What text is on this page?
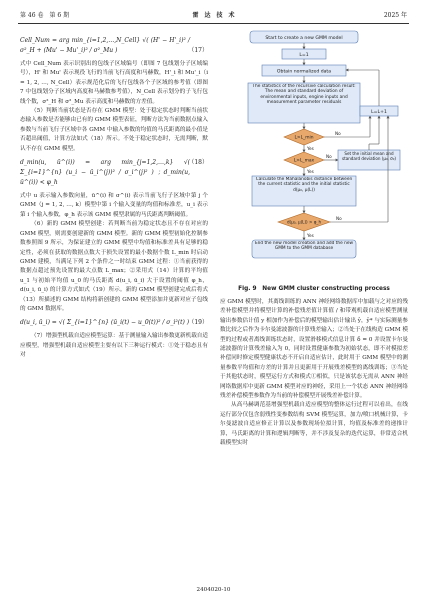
第 46 卷　第 6 期	雷　达　技　术	2025 年
Cell_Num = arg min_{i=1,2,…,N_Cell} √( (H' − H'_i)² / σ²_H + (Mu' − Mu'_i)² / σ²_Mu )	（17）

式中 Cell_Num 表示识别出的包线子区域编号（即图 7 包线划分子区域编号），H' 和 Mu' 表示现役飞行的当前飞行高度和马赫数，H'_i 和 Mu'_i（i = 1, 2, …, N_Cell）表示规范化后的飞行包线各个子区域的参考值（即图 7 中包线划分子区域内高度和马赫数参考值），N_Cell 表示划分的子飞行包线个数，σ²_H 和 σ²_Mu 表示高度和马赫数的方差值。

（5）判断当前状态是否存在 GMM 模型：处于稳定状态时判断当前状态输入参数是否能够由已有的 GMM 模型表征，判断方法为当前数据点输入参数与当前飞行子区域中各 GMM 中输入参数的均值的马氏距离的最小值是否超出阈值，计算方法如式（18）所示。不处于稳定状态时，无需判断，默认不存在 GMM 模型。

d_min(u, ū^(i)) = arg min_{j=1,2,…,k} √( Σ_{i=1}^{n} (u_i − ū_i^(j))² / σ_i^(j)² ) ；d_min(u, ū^(i)) < φ_h
（18）

式中 u 表示输入参数向量，ū^(i) 和 σ^(i) 表示当前飞行子区域中第 j 个 GMM（j = 1, 2, …, k）模型中第 i 个输入变量的均值和标准差，u_i 表示第 i 个输入参数，φ_h 表示该 GMM 模型隶属的马氏距离判断阈值。

（6）新的 GMM 模型创建：若判断当前为稳定状态且不存在对应的 GMM 模型，则需要创建新的 GMM 模型。新的 GMM 模型初始化控制参数参照图 9 所示，为保证建立的 GMM 模型中均值和标准差具有足够的稳定性，必须在获取的数据点数大于损失设置的最小数据个数 L_min 时启动 GMM 建模，当满足下列 2 个条件之一时结束 GMM 过程：①当前获得的数据点超过预先设置的最大点数 L_max；②采用式（14）计算的平均值 u_1 与初始平均值 u_0 的马氏距离 d(u_i, ū_i) 大于设置的阈值 φ_h，d(u_i, ū_i) 的计算方式如式（19）所示。新的 GMM 模型创建完成后将式（13）所描述的 GMM 结构将新创建的 GMM 模型添加并更新对应子包线的 GMM 数据库。

d(u_i, ū_i) = √( Σ_{i=1}^{n} (ū_i(t) − u_0(t))² / σ_i²(t) ) （19）

（7）增强型机载自适应模型运算：基于测量输入输出参数更新机载自适应模型，增强型机载自适应模型主要有以下三种运行模式：①处于稳态且有对

Start to create a new GMM model
L=1
Obtain normalized data
The statistics of the recursive calculation result: The mean and standard deviation of environmental inputs, engine inputs and measurement parameter residuals
L>L_min
No
L=L+1
Yes
L>L_max
No
Set the initial mean and standard deviation (μ₀, σ₀)
Yes
Calculate the Mahalanobis distance between the current statistic and the initial statistic d(μ₀, μ(L))
d(μ₀, μ(L)) > φ_h
No
Yes
End the new model creation and add the new GMM to the GMM database
Fig. 9　New GMM cluster constructing process

应 GMM 模型时，其离线训练的 ANN 神经网络数据库中加载与之对应的残差补偿模型并将模型计算的补偿残差值计算值 / 和带观机载自适应模型测量输出参数估计值 y 相加作为补偿后的模型输出估计输出 ŷ，ŷ* 与实际测量参数比较之后作为卡尔曼滤波器的计算残差输入；②当处于在线构造 GMM 模型的过程或者离线训练状态时，设置滑移模式信息计算 δ = 0 并设置卡尔曼滤波器的计算残差输入为 0，同时设置健康参数为初始状态，即不对模拟差补偿同时修定模型健康状态不开启自适应估计，此时用于 GMM 模型中的测量参数平均值和方差的计算并且更新用于开展残差模型的离线训练；③当处于其他状态时，模型运行方式和模式①相似，只是该状态无需从 ANN 神经网络数据库中更新 GMM 模型对应的神经，采用上一个状态 ANN 神经网络残差补偿模型参数作为当前的补偿模型开展残差补偿计算。

从高马赫调范基增强型机载自适应模型的整体运行过程可以看出，在线运行部分仅包含弱残性变参数结构 SVM 模型运算，加力/喷口机械计算，卡尔曼滤波自适应修正计算以及参数现场位拟计算，均值及标准差的递推计算，马氏距离的计算和逻辑判断等，并不涉及复杂的迭代运算，非常适合机载模型实时

2404020-10
